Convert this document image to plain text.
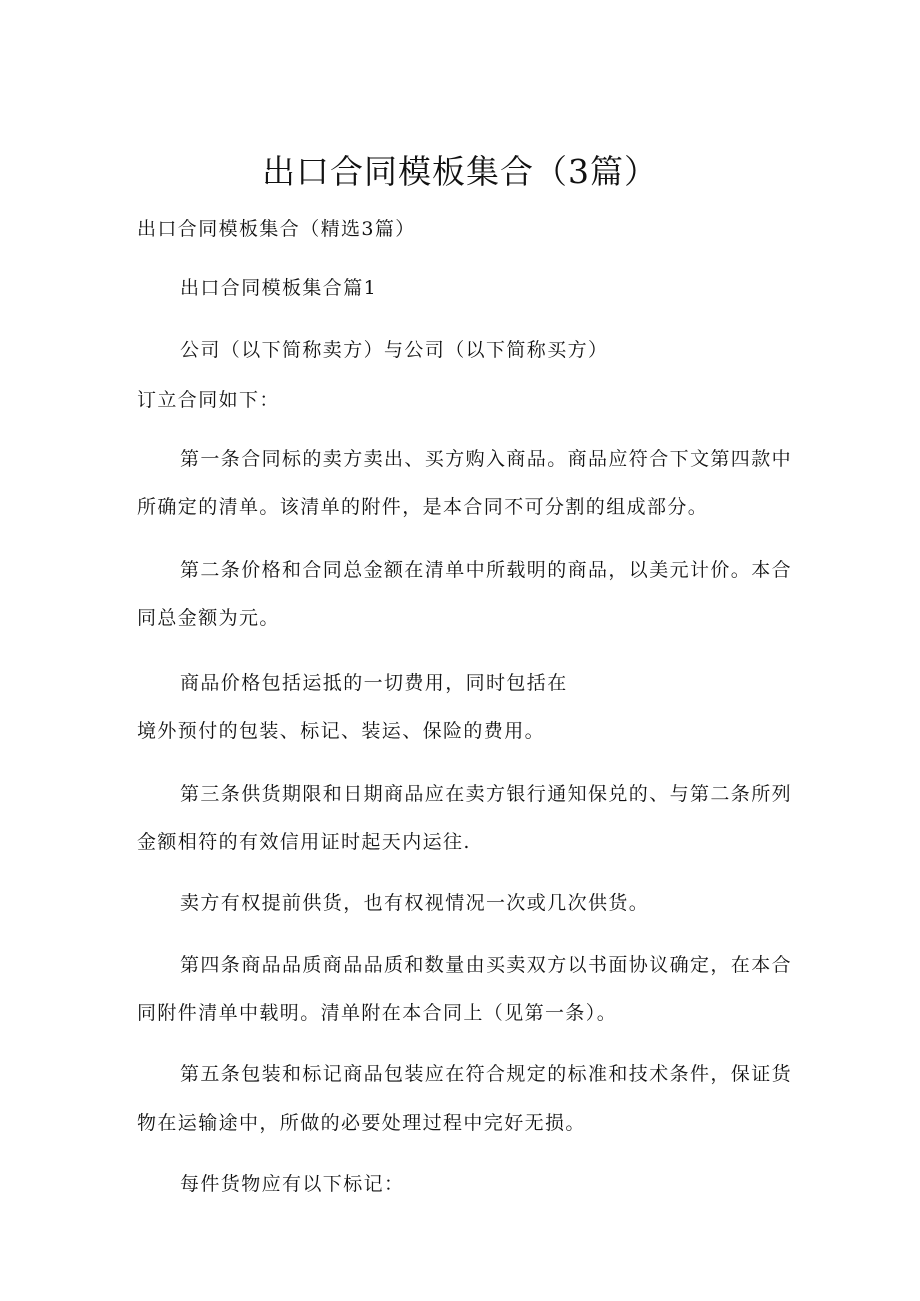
出口合同模板集合（3篇）
出口合同模板集合（精选3篇）
出口合同模板集合篇1
公司（以下简称卖方）与公司（以下简称买方）
订立合同如下：
第一条合同标的卖方卖出、买方购入商品。商品应符合下文第四款中
所确定的清单。该清单的附件，是本合同不可分割的组成部分。
第二条价格和合同总金额在清单中所载明的商品，以美元计价。本合
同总金额为元。
商品价格包括运抵的一切费用，同时包括在
境外预付的包装、标记、装运、保险的费用。
第三条供货期限和日期商品应在卖方银行通知保兑的、与第二条所列
金额相符的有效信用证时起天内运往.
卖方有权提前供货，也有权视情况一次或几次供货。
第四条商品品质商品品质和数量由买卖双方以书面协议确定，在本合
同附件清单中载明。清单附在本合同上（见第一条）。
第五条包装和标记商品包装应在符合规定的标准和技术条件，保证货
物在运输途中，所做的必要处理过程中完好无损。
每件货物应有以下标记：
